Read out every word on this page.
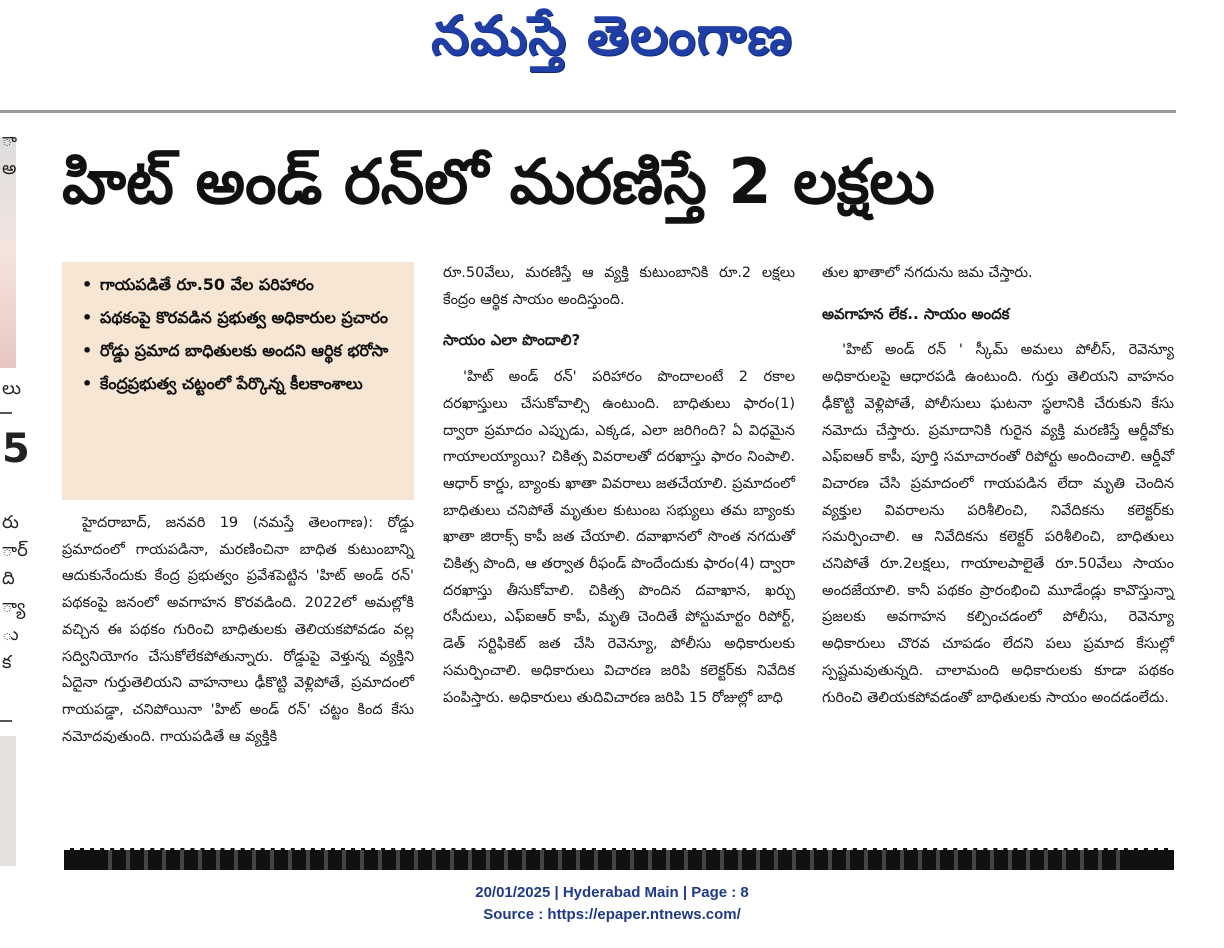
నమస్తే తెలంగాణ
ా
అ
లు
5
రు
ార్
ది
్యా
ు
క
హిట్ అండ్ రన్‌లో మరణిస్తే 2 లక్షలు
• గాయపడితే రూ.50 వేల పరిహారం
• పథకంపై కొరవడిన ప్రభుత్వ అధికారుల ప్రచారం
• రోడ్డు ప్రమాద బాధితులకు అందని ఆర్థిక భరోసా
• కేంద్రప్రభుత్వ చట్టంలో పేర్కొన్న కీలకాంశాలు

హైదరాబాద్, జనవరి 19 (నమస్తే తెలంగాణ): రోడ్డు ప్రమాదంలో గాయపడినా, మరణించినా బాధిత కుటుంబాన్ని ఆదుకునేందుకు కేంద్ర ప్రభుత్వం ప్రవేశపెట్టిన 'హిట్ అండ్ రన్' పథకంపై జనంలో అవగాహన కొరవడింది. 2022లో అమల్లోకి వచ్చిన ఈ పథకం గురించి బాధితులకు తెలియకపోవడం వల్ల సద్వినియోగం చేసుకోలేకపోతున్నారు. రోడ్డుపై వెళ్తున్న వ్యక్తిని ఏదైనా గుర్తుతెలియని వాహనాలు ఢీకొట్టి వెళ్లిపోతే, ప్రమాదంలో గాయపడ్డా, చనిపోయినా 'హిట్ అండ్ రన్' చట్టం కింద కేసు నమోదవుతుంది. గాయపడితే ఆ వ్యక్తికి

రూ.50వేలు, మరణిస్తే ఆ వ్యక్తి కుటుంబానికి రూ.2 లక్షలు కేంద్రం ఆర్థిక సాయం అందిస్తుంది.

సాయం ఎలా పొందాలి?

'హిట్ అండ్ రన్' పరిహారం పొందాలంటే 2 రకాల దరఖాస్తులు చేసుకోవాల్సి ఉంటుంది. బాధితులు ఫారం(1) ద్వారా ప్రమాదం ఎప్పుడు, ఎక్కడ, ఎలా జరిగింది? ఏ విధమైన గాయాలయ్యాయి? చికిత్స వివరాలతో దరఖాస్తు ఫారం నింపాలి. ఆధార్ కార్డు, బ్యాంకు ఖాతా వివరాలు జతచేయాలి. ప్రమాదంలో బాధితులు చనిపోతే మృతుల కుటుంబ సభ్యులు తమ బ్యాంకు ఖాతా జిరాక్స్ కాపీ జత చేయాలి. దవాఖానలో సొంత నగదుతో చికిత్స పొంది, ఆ తర్వాత రీఫండ్ పొందేందుకు ఫారం(4) ద్వారా దరఖాస్తు తీసుకోవాలి. చికిత్స పొందిన దవాఖాన, ఖర్చు రసీదులు, ఎఫ్ఐఆర్ కాపీ, మృతి చెందితే పోస్టుమార్టం రిపోర్ట్, డెత్ సర్టిఫికెట్ జత చేసి రెవెన్యూ, పోలీసు అధికారులకు సమర్పించాలి. అధికారులు విచారణ జరిపి కలెక్టర్‌కు నివేదిక పంపిస్తారు. అధికారులు తుదివిచారణ జరిపి 15 రోజుల్లో బాధి

తుల ఖాతాలో నగదును జమ చేస్తారు.

అవగాహన లేక.. సాయం అందక

'హిట్ అండ్ రన్ ' స్కీమ్ అమలు పోలీస్, రెవెన్యూ అధికారులపై ఆధారపడి ఉంటుంది. గుర్తు తెలియని వాహనం ఢీకొట్టి వెళ్లిపోతే, పోలీసులు ఘటనా స్థలానికి చేరుకుని కేసు నమోదు చేస్తారు. ప్రమాదానికి గురైన వ్యక్తి మరణిస్తే ఆర్డీవోకు ఎఫ్ఐఆర్ కాపీ, పూర్తి సమాచారంతో రిపోర్టు అందించాలి. ఆర్డీవో విచారణ చేసి ప్రమాదంలో గాయపడిన లేదా మృతి చెందిన వ్యక్తుల వివరాలను పరిశీలించి, నివేదికను కలెక్టర్‌కు సమర్పించాలి. ఆ నివేదికను కలెక్టర్ పరిశీలించి, బాధితులు చనిపోతే రూ.2లక్షలు, గాయాలపాలైతే రూ.50వేలు సాయం అందజేయాలి. కానీ పథకం ప్రారంభించి మూడేండ్లు కావొస్తున్నా ప్రజలకు అవగాహన కల్పించడంలో పోలీసు, రెవెన్యూ అధికారులు చొరవ చూపడం లేదని పలు ప్రమాద కేసుల్లో స్పష్టమవుతున్నది. చాలామంది అధికారులకు కూడా పథకం గురించి తెలియకపోవడంతో బాధితులకు సాయం అందడంలేదు.

20/01/2025 | Hyderabad Main | Page : 8
Source : https://epaper.ntnews.com/
